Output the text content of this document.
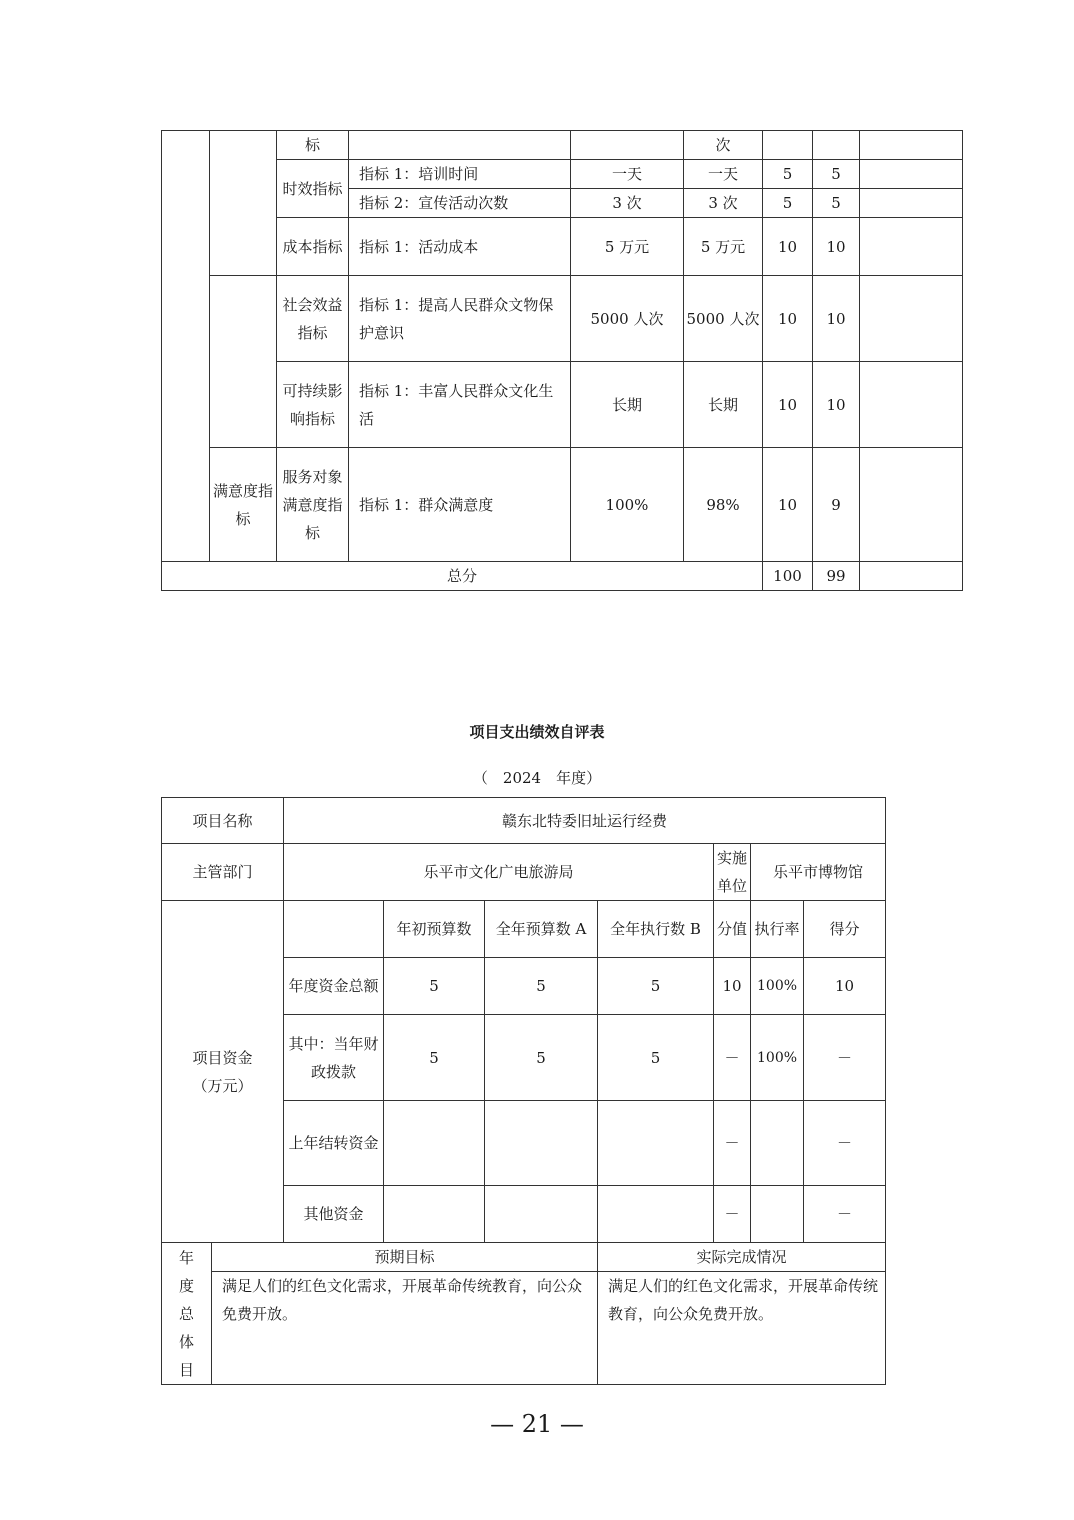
		标			次			
		时效指标	指标 1：培训时间	一天	一天	5	5	
			指标 2：宣传活动次数	3 次	3 次	5	5	
		成本指标	指标 1：活动成本	5 万元	5 万元	10	10	
		社会效益指标	指标 1：提高人民群众文物保护意识	5000 人次	5000 人次	10	10	
		可持续影响指标	指标 1：丰富人民群众文化生活	长期	长期	10	10	
	满意度指标	服务对象满意度指标	指标 1：群众满意度	100%	98%	10	9	
总分						100	99	
项目支出绩效自评表
（　2024　年度）
项目名称		赣东北特委旧址运行经费						
主管部门		乐平市文化广电旅游局				实施单位	乐平市博物馆	
项目资金（万元）			年初预算数	全年预算数 A	全年执行数 B	分值	执行率	得分
		年度资金总额	5	5	5	10	100%	10
		其中：当年财政拨款	5	5	5	－	100%	－
		上年结转资金				－		－
		其他资金				－		－
年度总体目	预期目标				实际完成情况			
	满足人们的红色文化需求，开展革命传统教育，向公众免费开放。				满足人们的红色文化需求，开展革命传统教育，向公众免费开放。			
— 21 —
